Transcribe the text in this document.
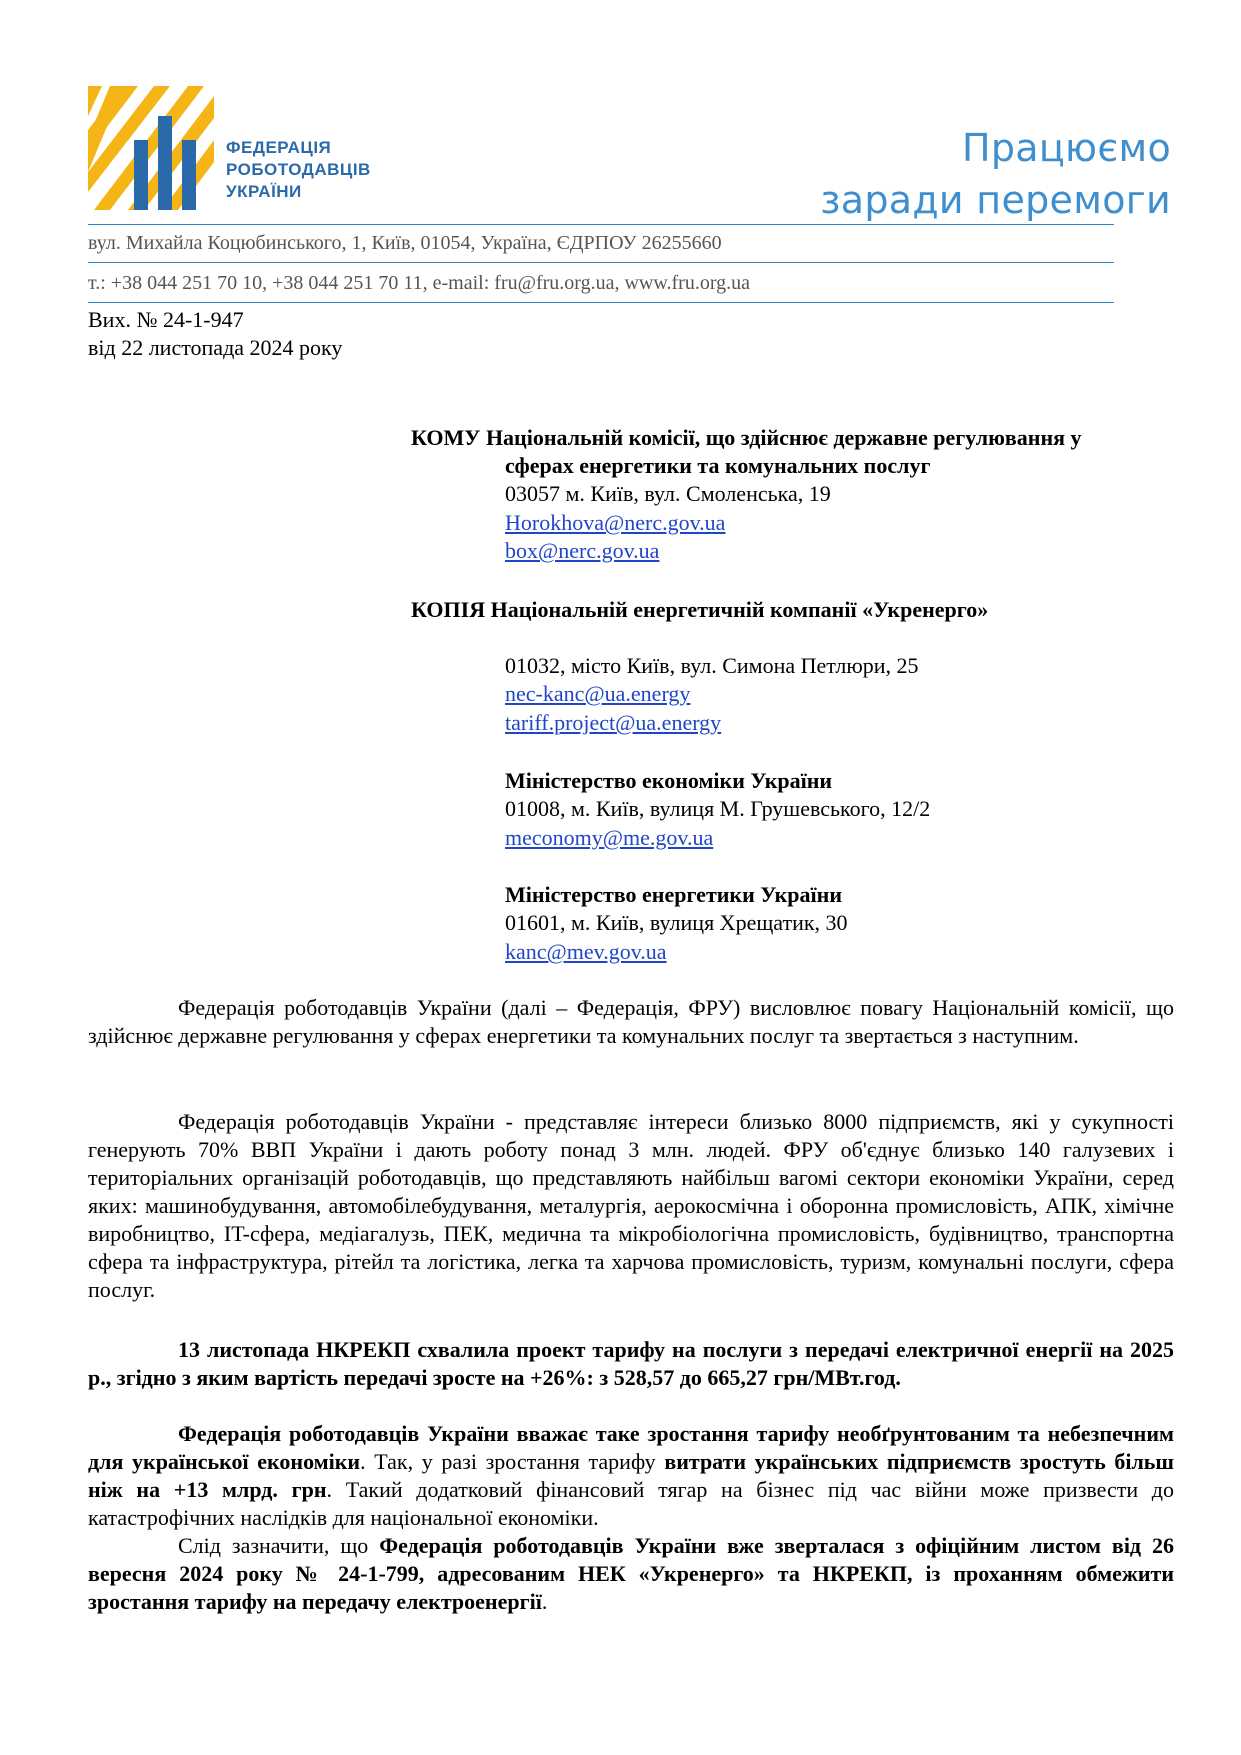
ФЕДЕРАЦІЯ
РОБОТОДАВЦІВ
УКРАЇНИ
Працюємо
заради перемоги
вул. Михайла Коцюбинського, 1, Київ, 01054, Україна, ЄДРПОУ 26255660
т.: +38 044 251 70 10, +38 044 251 70 11, e-mail: fru@fru.org.ua, www.fru.org.ua
Вих. № 24-1-947
від 22 листопада 2024 року
КОМУ Національній комісії, що здійснює державне регулювання у
сферах енергетики та комунальних послуг
03057 м. Київ, вул. Смоленська, 19
Horokhova@nerc.gov.ua
box@nerc.gov.ua
КОПІЯ Національній енергетичній компанії «Укренерго»
01032, місто Київ, вул. Симона Петлюри, 25
nec-kanc@ua.energy
tariff.project@ua.energy
Міністерство економіки України
01008, м. Київ, вулиця М. Грушевського, 12/2
meconomy@me.gov.ua
Міністерство енергетики України
01601, м. Київ, вулиця Хрещатик, 30
kanc@mev.gov.ua

Федерація роботодавців України (далі – Федерація, ФРУ) висловлює повагу Національній комісії, що здійснює державне регулювання у сферах енергетики та комунальних послуг та звертається з наступним.

Федерація роботодавців України - представляє інтереси близько 8000 підприємств, які у сукупності генерують 70% ВВП України і дають роботу понад 3 млн. людей. ФРУ об'єднує близько 140 галузевих і територіальних організацій роботодавців, що представляють найбільш вагомі сектори економіки України, серед яких: машинобудування, автомобілебудування, металургія, аерокосмічна і оборонна промисловість, АПК, хімічне виробництво, IT-сфера, медіагалузь, ПЕК, медична та мікробіологічна промисловість, будівництво, транспортна сфера та інфраструктура, рітейл та логістика, легка та харчова промисловість, туризм, комунальні послуги, сфера послуг.

13 листопада НКРЕКП схвалила проект тарифу на послуги з передачі електричної енергії на 2025 р., згідно з яким вартість передачі зросте на +26%: з 528,57 до 665,27 грн/МВт.год.

Федерація роботодавців України вважає таке зростання тарифу необґрунтованим та небезпечним для української економіки. Так, у разі зростання тарифу витрати українських підприємств зростуть більш ніж на +13 млрд. грн. Такий додатковий фінансовий тягар на бізнес під час війни може призвести до катастрофічних наслідків для національної економіки.

Слід зазначити, що Федерація роботодавців України вже зверталася з офіційним листом від 26 вересня 2024 року № 24-1-799, адресованим НЕК «Укренерго» та НКРЕКП, із проханням обмежити зростання тарифу на передачу електроенергії.
